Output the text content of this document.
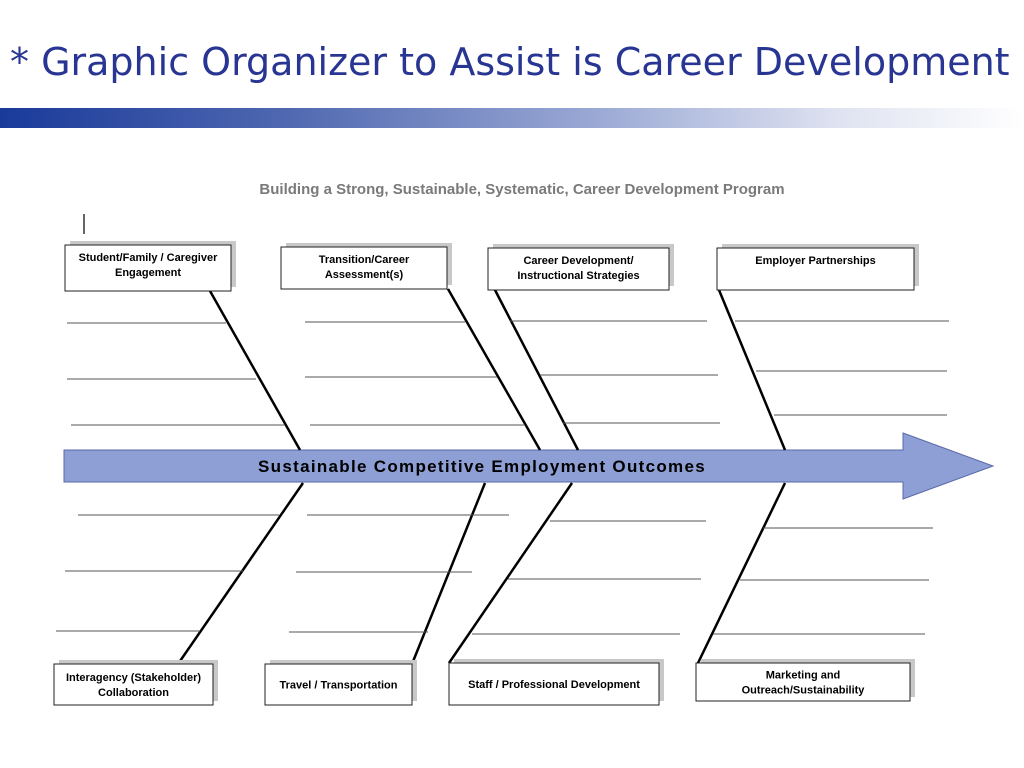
* Graphic Organizer to Assist is Career Development
Building a Strong, Sustainable, Systematic, Career Development Program
Sustainable Competitive Employment Outcomes
Student/Family / Caregiver
Engagement
Transition/Career
Assessment(s)
Career Development/
Instructional Strategies
Employer Partnerships
Interagency (Stakeholder)
Collaboration
Travel / Transportation	Staff / Professional Development
Marketing and
Outreach/Sustainability
